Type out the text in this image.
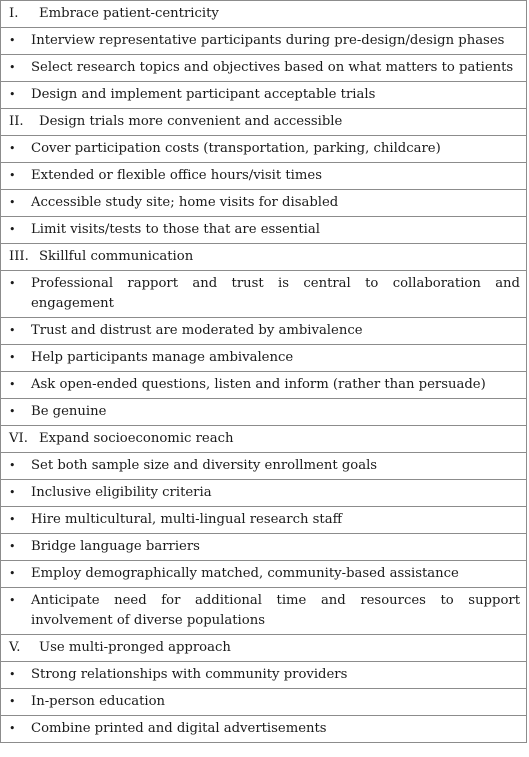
I.	Embrace patient-centricity

•	Interview representative participants during pre-design/design phases

•	Select research topics and objectives based on what matters to patients

•	Design and implement participant acceptable trials

II.	Design trials more convenient and accessible

•	Cover participation costs (transportation, parking, childcare)

•	Extended or flexible office hours/visit times

•	Accessible study site; home visits for disabled

•	Limit visits/tests to those that are essential

III. Skillful communication

•	Professional rapport and trust is central to collaboration and engagement

•	Trust and distrust are moderated by ambivalence

•	Help participants manage ambivalence

•	Ask open-ended questions, listen and inform (rather than persuade)

•	Be genuine

VI. Expand socioeconomic reach

•	Set both sample size and diversity enrollment goals

•	Inclusive eligibility criteria

•	Hire multicultural, multi-lingual research staff

•	Bridge language barriers

•	Employ demographically matched, community-based assistance

•	Anticipate need for additional time and resources to support involvement of diverse populations

V.	Use multi-pronged approach

•	Strong relationships with community providers

•	In-person education

•	Combine printed and digital advertisements
